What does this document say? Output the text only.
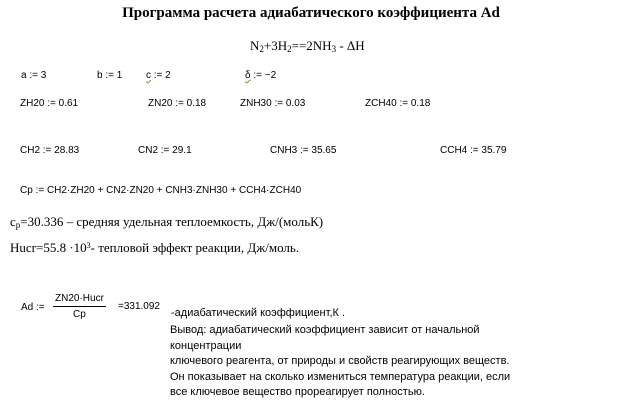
Программа расчета адиабатического коэффициента Ad
$N_2+3H_2==2NH_3 - \Delta H$
a := 3	b := 1 c := 2	δ := −2
ZH20 := 0.61	ZN20 := 0.18	ZNH30 := 0.03	ZCH40 := 0.18
CH2 := 28.83	CN2 := 29.1	CNH3 := 35.65	CCH4 := 35.79
Cp := CH2·ZH20 + CN2·ZN20 + CNH3·ZNH30 + CCH4·ZCH40
$c_p=30.336$ – средняя удельная теплоемкость, Дж/(мольК)
Hucr=55.8 $\cdot 10^3-$ тепловой эффект реакции, Дж/моль.
Ad :=
ZN20·Hucr
Cp
=331.092
-адиабатический коэффициент,К .
Вывод: адиабатический коэффициент зависит от начальной
концентрации
ключевого реагента, от природы и свойств реагирующих веществ.
Он показывает на сколько измениться температура реакции, если
все ключевое вещество прореагирует полностью.
